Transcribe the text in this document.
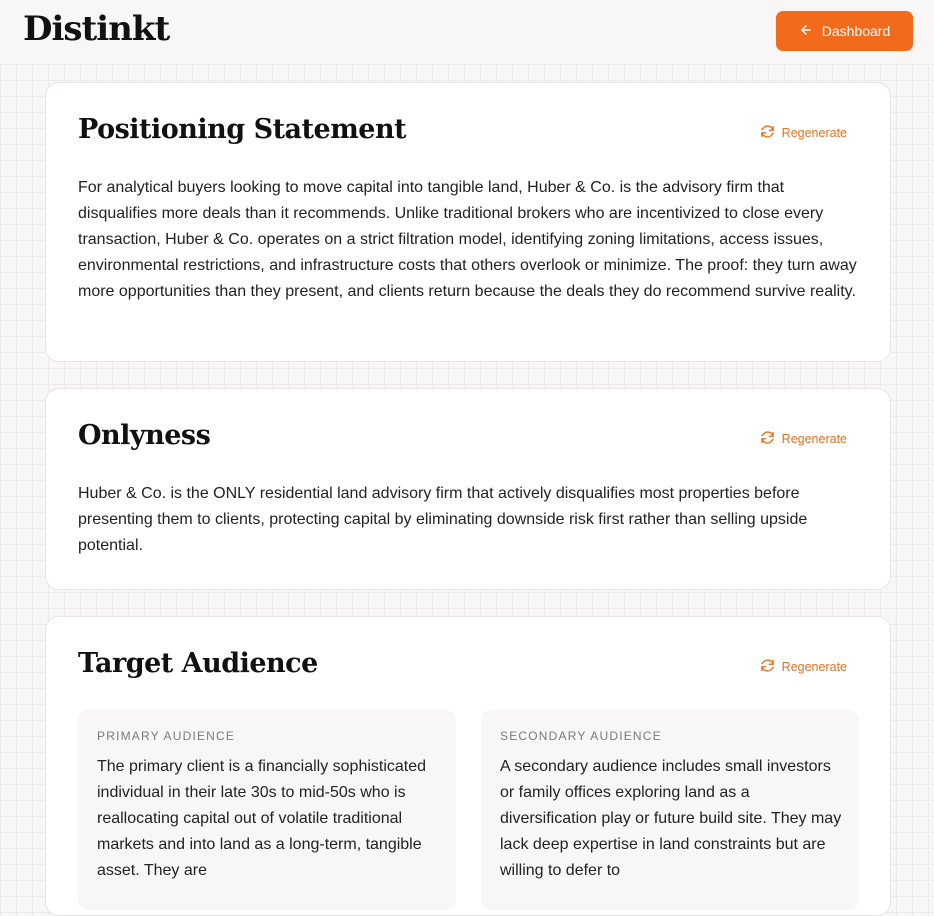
Distinkt	Dashboard
Positioning Statement	Regenerate
For analytical buyers looking to move capital into tangible land, Huber & Co. is the advisory firm that disqualifies more deals than it recommends. Unlike traditional brokers who are incentivized to close every transaction, Huber & Co. operates on a strict filtration model, identifying zoning limitations, access issues, environmental restrictions, and infrastructure costs that others overlook or minimize. The proof: they turn away more opportunities than they present, and clients return because the deals they do recommend survive reality.
Onlyness	Regenerate
Huber & Co. is the ONLY residential land advisory firm that actively disqualifies most properties before presenting them to clients, protecting capital by eliminating downside risk first rather than selling upside potential.
Target Audience	Regenerate
PRIMARY AUDIENCE
The primary client is a financially sophisticated individual in their late 30s to mid-50s who is reallocating capital out of volatile traditional markets and into land as a long-term, tangible asset. They are
SECONDARY AUDIENCE
A secondary audience includes small investors or family offices exploring land as a diversification play or future build site. They may lack deep expertise in land constraints but are willing to defer to
